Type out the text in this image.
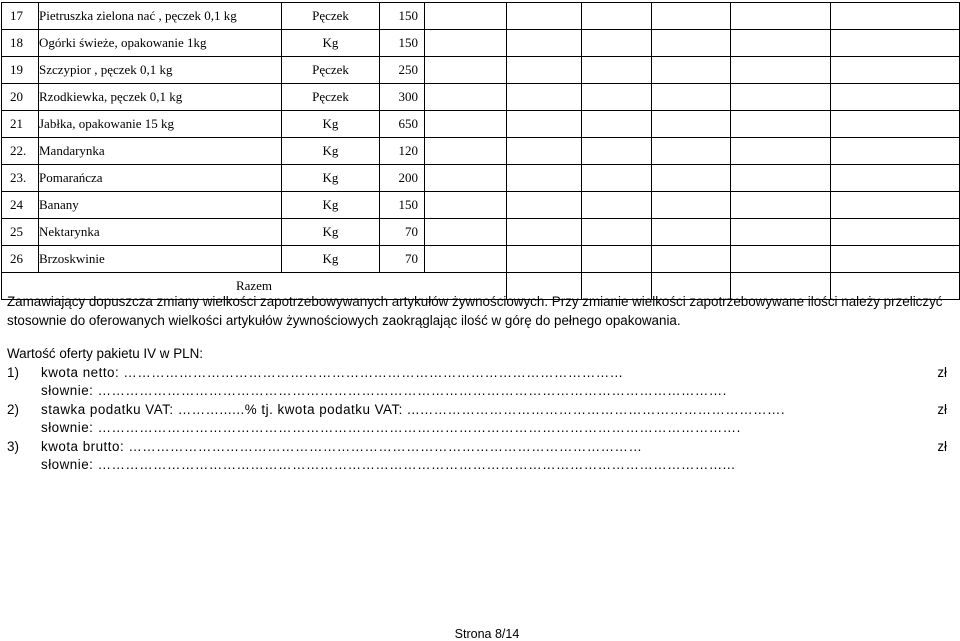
17	Pietruszka zielona nać , pęczek 0,1 kg	Pęczek	150						
18	Ogórki świeże, opakowanie 1kg	Kg	150						
19	Szczypior , pęczek 0,1 kg	Pęczek	250						
20	Rzodkiewka, pęczek 0,1 kg	Pęczek	300						
21	Jabłka, opakowanie 15 kg	Kg	650						
22.	Mandarynka	Kg	120						
23.	Pomarańcza	Kg	200						
24	Banany	Kg	150						
25	Nektarynka	Kg	70						
26	Brzoskwinie	Kg	70						
Razem									
Zamawiający dopuszcza zmiany wielkości zapotrzebowywanych artykułów żywnościowych. Przy zmianie wielkości zapotrzebowywane ilości należy przeliczyć stosownie do oferowanych wielkości artykułów żywnościowych zaokrąglając ilość w górę do pełnego opakowania.
Wartość oferty pakietu IV w PLN:
1) kwota netto: ………………………………………………………………………………………………	zł
słownie: ……………………………………………………………………………………………………………………….
2) stawka podatku VAT: ………......% tj. kwota podatku VAT: ...…………………………………………………………………….	zł
słownie: ………………………………………………………………………………………………………………………….
3) kwota brutto: …………………………………………………………………………………………………	zł
słownie: ………………………………………………………………………………………………………………………...
Strona 8/14
